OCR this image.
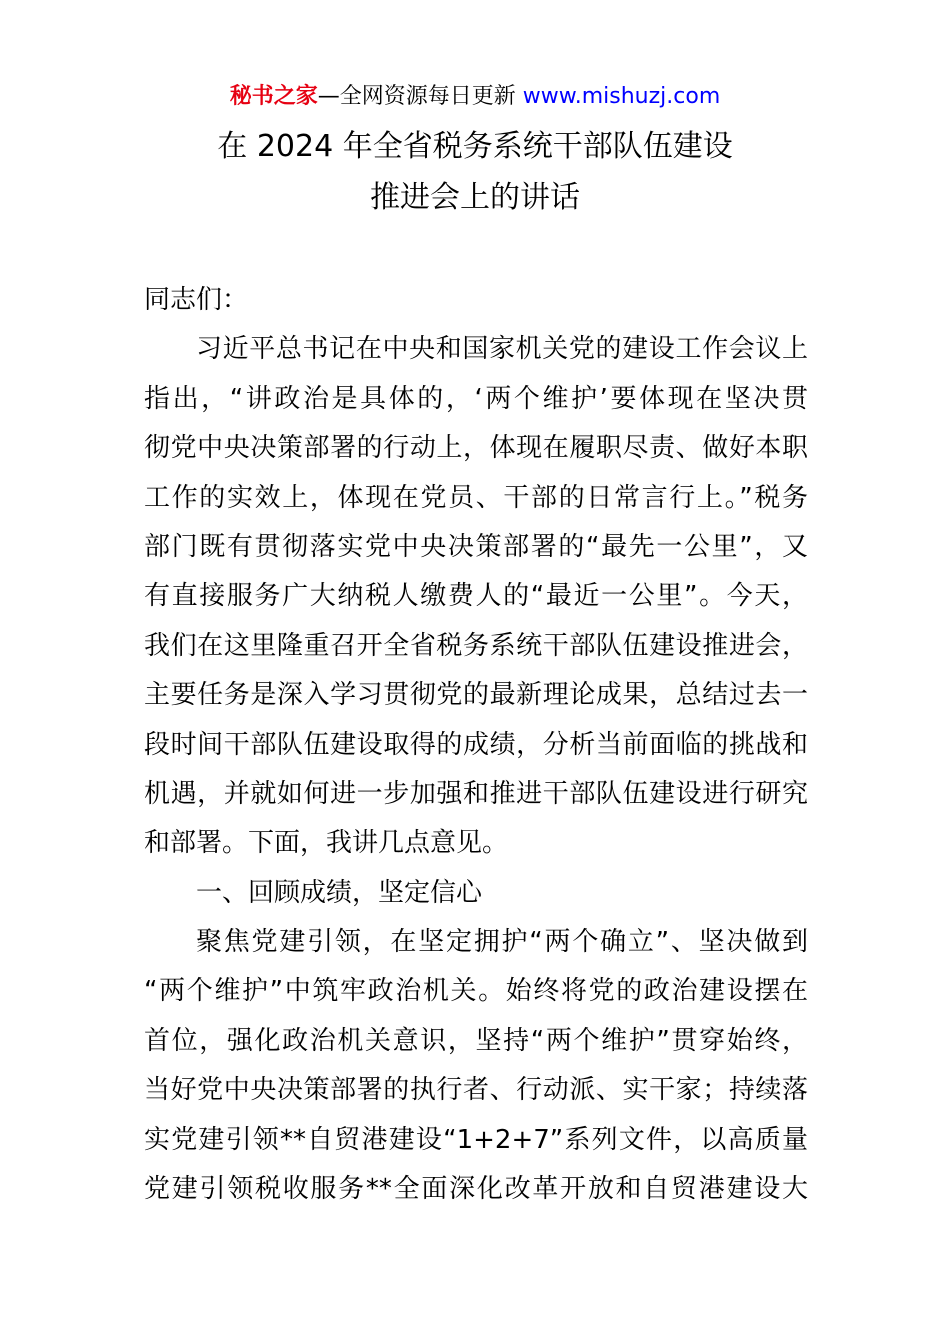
秘书之家—全网资源每日更新 www.mishuzj.com
在 2024 年全省税务系统干部队伍建设
推进会上的讲话
同志们：
习近平总书记在中央和国家机关党的建设工作会议上
指出，“讲政治是具体的，‘两个维护’要体现在坚决贯
彻党中央决策部署的行动上，体现在履职尽责、做好本职
工作的实效上，体现在党员、干部的日常言行上。”税务
部门既有贯彻落实党中央决策部署的“最先一公里”，又
有直接服务广大纳税人缴费人的“最近一公里”。今天，
我们在这里隆重召开全省税务系统干部队伍建设推进会，
主要任务是深入学习贯彻党的最新理论成果，总结过去一
段时间干部队伍建设取得的成绩，分析当前面临的挑战和
机遇，并就如何进一步加强和推进干部队伍建设进行研究
和部署。下面，我讲几点意见。
一、回顾成绩，坚定信心
聚焦党建引领，在坚定拥护“两个确立”、坚决做到
“两个维护”中筑牢政治机关。始终将党的政治建设摆在
首位，强化政治机关意识，坚持“两个维护”贯穿始终，
当好党中央决策部署的执行者、行动派、实干家；持续落
实党建引领**自贸港建设“1+2+7”系列文件，以高质量
党建引领税收服务**全面深化改革开放和自贸港建设大
